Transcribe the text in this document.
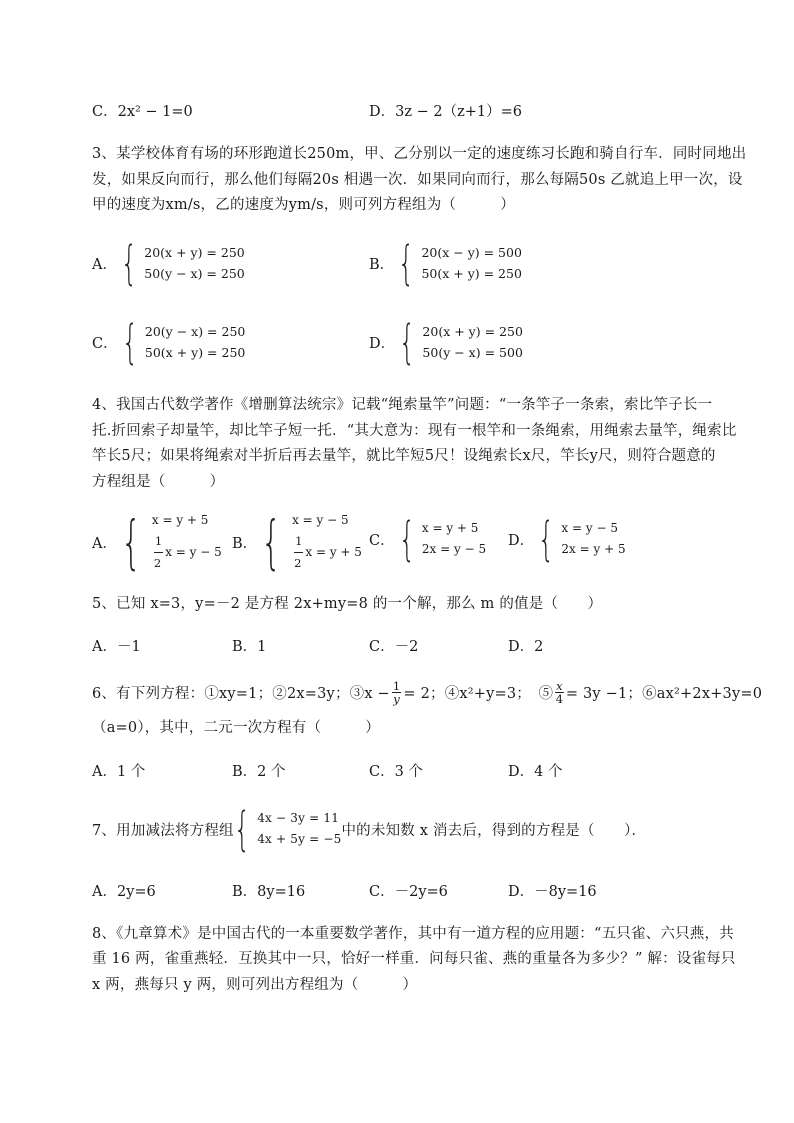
C．2x² − 1=0	D．3z − 2（z+1）=6
3、某学校体育有场的环形跑道长250m，甲、乙分别以一定的速度练习长跑和骑自行车．同时同地出
发，如果反向而行，那么他们每隔20s 相遇一次．如果同向而行，那么每隔50s 乙就追上甲一次，设
甲的速度为xm/s，乙的速度为ym/s，则可列方程组为（　　　）
A． { 20(x + y) = 250
50(y − x) = 250
B． { 20(x − y) = 500
50(x + y) = 250
C． { 20(y − x) = 250
50(x + y) = 250
D． { 20(x + y) = 250
50(y − x) = 500
4、我国古代数学著作《增删算法统宗》记载“绳索量竿”问题：“一条竿子一条索，索比竿子长一
托.折回索子却量竿，却比竿子短一托．“其大意为：现有一根竿和一条绳索，用绳索去量竿，绳索比
竿长5尺；如果将绳索对半折后再去量竿，就比竿短5尺！设绳索长x尺，竿长y尺，则符合题意的
方程组是（　　　）
A． { x = y + 5
$\frac{1}{2}$ x = y − 5
B． { x = y − 5
$\frac{1}{2}$ x = y + 5
C． { x = y + 5
2x = y − 5
D． { x = y − 5
2x = y + 5
5、已知 x=3，y=－2 是方程 2x+my=8 的一个解，那么 m 的值是（　　）
A．－1	B．1	C．－2	D．2
6、有下列方程：①xy=1；②2x=3y；③x − $\frac{1}{y} = 2$；④x²+y=3；　⑤ $\frac{x}{4} = 3y -1$；⑥ax²+2x+3y=0
（a=0），其中，二元一次方程有（　　　）
A．1 个	B．2 个	C．3 个	D．4 个
7、用加减法将方程组 { 4x − 3y = 11
4x + 5y = −5
中的未知数 x 消去后，得到的方程是（　　）．
A．2y=6	B．8y=16	C．－2y=6	D．－8y=16
8、《九章算术》是中国古代的一本重要数学著作，其中有一道方程的应用题：“五只雀、六只燕，共
重 16 两，雀重燕轻．互换其中一只，恰好一样重．问每只雀、燕的重量各为多少？” 解：设雀每只
x 两，燕每只 y 两，则可列出方程组为（　　　）
